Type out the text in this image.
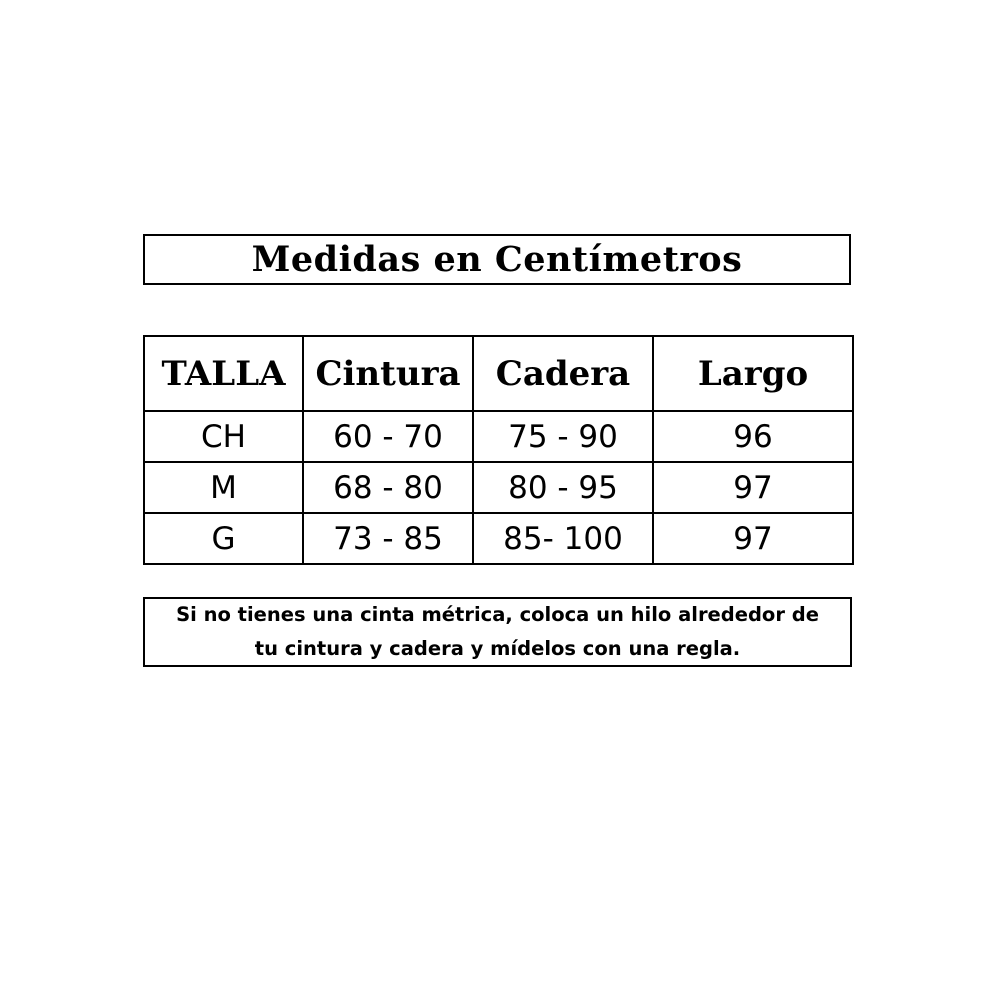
Medidas en Centímetros
TALLA	Cintura	Cadera	Largo
CH	60 - 70	75 - 90	96
M	68 - 80	80 - 95	97
G	73 - 85	85- 100	97
Si no tienes una cinta métrica, coloca un hilo alrededor de tu cintura y cadera y mídelos con una regla.
